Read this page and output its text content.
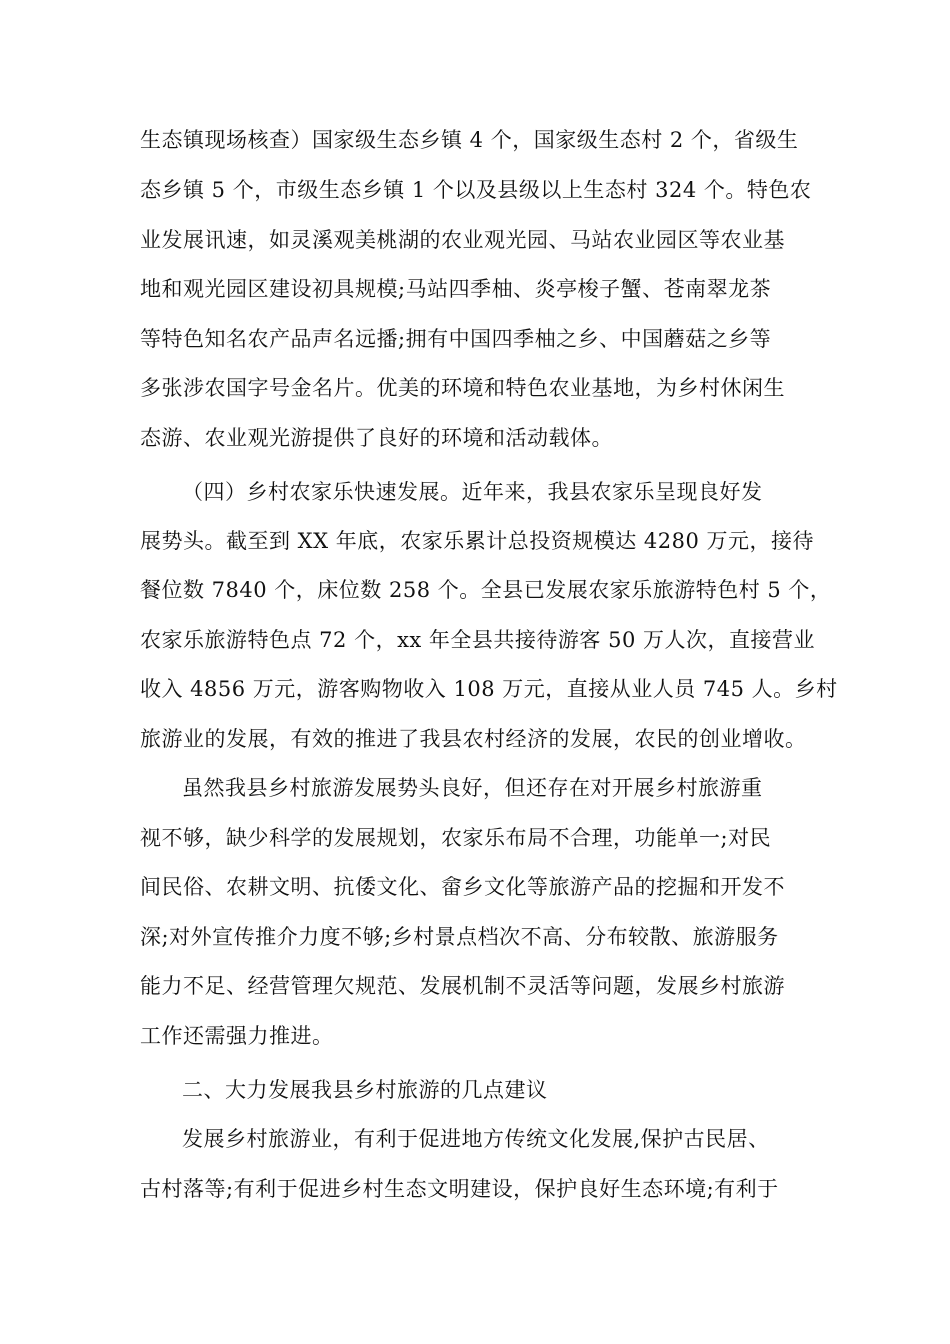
生态镇现场核查）国家级生态乡镇 4 个，国家级生态村 2 个，省级生
态乡镇 5 个，市级生态乡镇 1 个以及县级以上生态村 324 个。特色农
业发展讯速，如灵溪观美桃湖的农业观光园、马站农业园区等农业基
地和观光园区建设初具规模;马站四季柚、炎亭梭子蟹、苍南翠龙茶
等特色知名农产品声名远播;拥有中国四季柚之乡、中国蘑菇之乡等
多张涉农国字号金名片。优美的环境和特色农业基地，为乡村休闲生
态游、农业观光游提供了良好的环境和活动载体。
（四）乡村农家乐快速发展。近年来，我县农家乐呈现良好发
展势头。截至到 XX 年底，农家乐累计总投资规模达 4280 万元，接待
餐位数 7840 个，床位数 258 个。全县已发展农家乐旅游特色村 5 个，
农家乐旅游特色点 72 个，xx 年全县共接待游客 50 万人次，直接营业
收入 4856 万元，游客购物收入 108 万元，直接从业人员 745 人。乡村
旅游业的发展，有效的推进了我县农村经济的发展，农民的创业增收。
虽然我县乡村旅游发展势头良好，但还存在对开展乡村旅游重
视不够，缺少科学的发展规划，农家乐布局不合理，功能单一;对民
间民俗、农耕文明、抗倭文化、畲乡文化等旅游产品的挖掘和开发不
深;对外宣传推介力度不够;乡村景点档次不高、分布较散、旅游服务
能力不足、经营管理欠规范、发展机制不灵活等问题，发展乡村旅游
工作还需强力推进。
二、大力发展我县乡村旅游的几点建议
发展乡村旅游业，有利于促进地方传统文化发展,保护古民居、
古村落等;有利于促进乡村生态文明建设，保护良好生态环境;有利于
